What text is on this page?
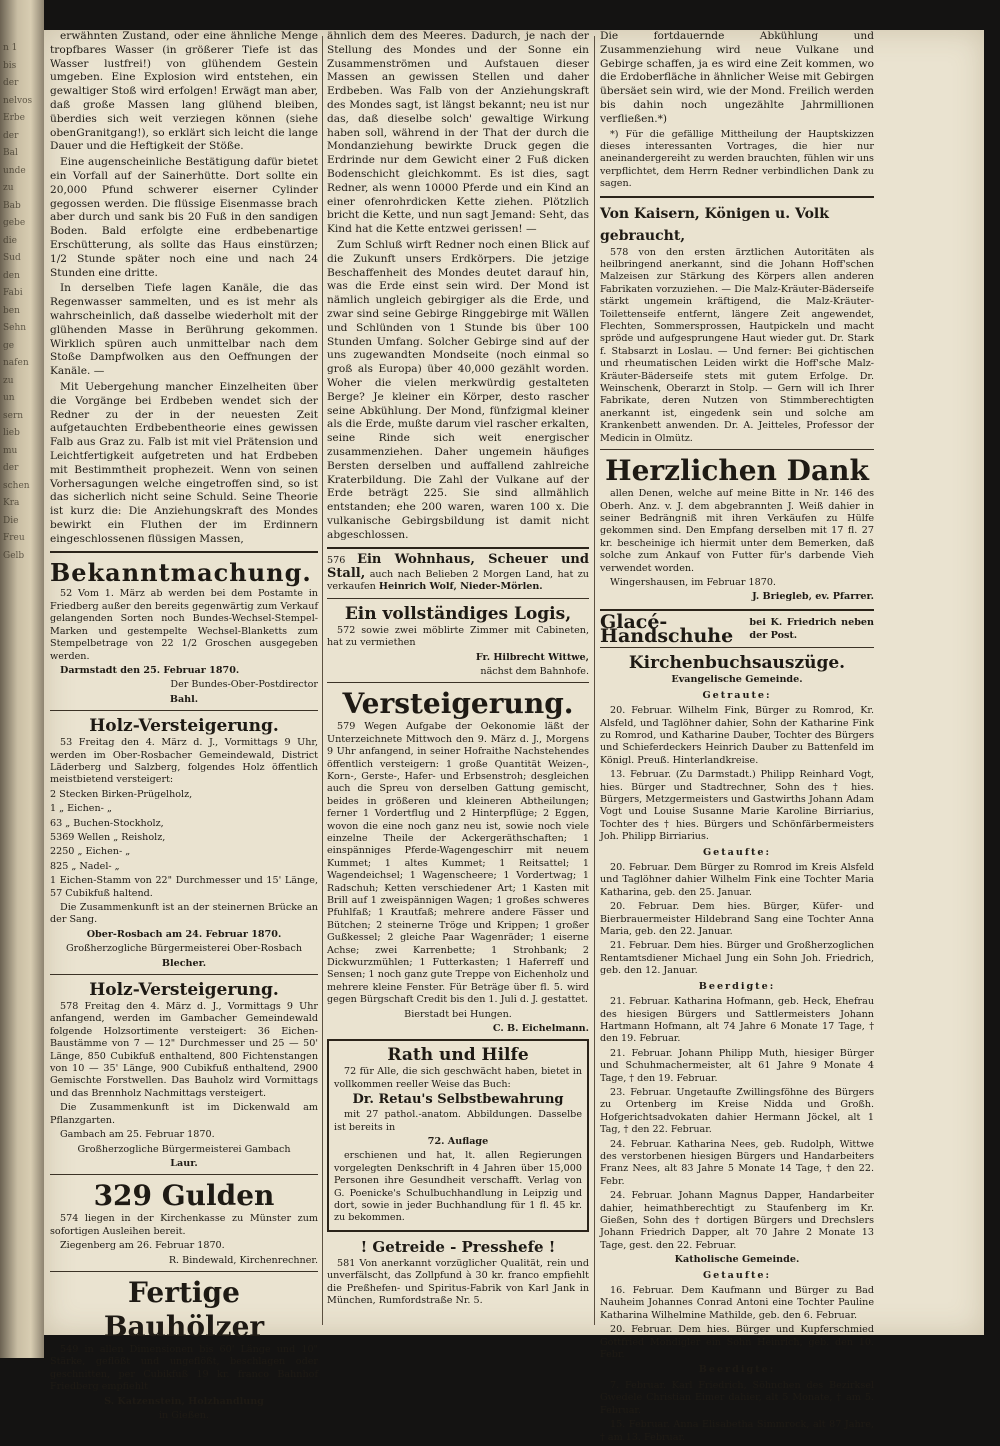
n 1
bis
der
nelvos
Erbe
der
Bal
unde
zu
Bab
gebe
die
Sud
den
Fabi
ben
Sehn
ge
nafen
zu
un
sern
lieb
mu
der
schen
Kra
Die
Freu
Gelb

erwähnten Zustand, oder eine ähnliche Menge tropfbares Wasser (in größerer Tiefe ist das Wasser lustfrei!) von glühendem Gestein umgeben. Eine Explosion wird entstehen, ein gewaltiger Stoß wird erfolgen! Erwägt man aber, daß große Massen lang glühend bleiben, überdies sich weit verziegen können (siehe obenGranitgang!), so erklärt sich leicht die lange Dauer und die Heftigkeit der Stöße.

Eine augenscheinliche Bestätigung dafür bietet ein Vorfall auf der Sainerhütte. Dort sollte ein 20,000 Pfund schwerer eiserner Cylinder gegossen werden. Die flüssige Eisenmasse brach aber durch und sank bis 20 Fuß in den sandigen Boden. Bald erfolgte eine erdbebenartige Erschütterung, als sollte das Haus einstürzen; 1/2 Stunde später noch eine und nach 24 Stunden eine dritte.

In derselben Tiefe lagen Kanäle, die das Regenwasser sammelten, und es ist mehr als wahrscheinlich, daß dasselbe wiederholt mit der glühenden Masse in Berührung gekommen. Wirklich spüren auch unmittelbar nach dem Stoße Dampfwolken aus den Oeffnungen der Kanäle. —

Mit Uebergehung mancher Einzelheiten über die Vorgänge bei Erdbeben wendet sich der Redner zu der in der neuesten Zeit aufgetauchten Erdbebentheorie eines gewissen Falb aus Graz zu. Falb ist mit viel Prätension und Leichtfertigkeit aufgetreten und hat Erdbeben mit Bestimmtheit prophezeit. Wenn von seinen Vorhersagungen welche eingetroffen sind, so ist das sicherlich nicht seine Schuld. Seine Theorie ist kurz die: Die Anziehungskraft des Mondes bewirkt ein Fluthen der im Erdinnern eingeschlossenen flüssigen Massen,

Bekanntmachung.

52 Vom 1. März ab werden bei dem Postamte in Friedberg außer den bereits gegenwärtig zum Verkauf gelangenden Sorten noch Bundes-Wechsel-Stempel-Marken und gestempelte Wechsel-Blanketts zum Stempelbetrage von 22 1/2 Groschen ausgegeben werden.

Darmstadt den 25. Februar 1870.

Der Bundes-Ober-Postdirector

Bahl.

Holz-Versteigerung.

53 Freitag den 4. März d. J., Vormittags 9 Uhr, werden im Ober-Rosbacher Gemeindewald, District Läderberg und Salzberg, folgendes Holz öffentlich meistbietend versteigert:

2 Stecken Birken-Prügelholz,

1 „ Eichen- „

63 „ Buchen-Stockholz,

5369 Wellen „ Reisholz,

2250 „ Eichen- „

825 „ Nadel- „

1 Eichen-Stamm von 22" Durchmesser und 15' Länge, 57 Cubikfuß haltend.

Die Zusammenkunft ist an der steinernen Brücke an der Sang.

Ober-Rosbach am 24. Februar 1870.

Großherzogliche Bürgermeisterei Ober-Rosbach

Blecher.

Holz-Versteigerung.

578 Freitag den 4. März d. J., Vormittags 9 Uhr anfangend, werden im Gambacher Gemeindewald folgende Holzsortimente versteigert: 36 Eichen-Baustämme von 7 — 12" Durchmesser und 25 — 50' Länge, 850 Cubikfuß enthaltend, 800 Fichtenstangen von 10 — 35' Länge, 900 Cubikfuß enthaltend, 2900 Gemischte Forstwellen. Das Bauholz wird Vormittags und das Brennholz Nachmittags versteigert.

Die Zusammenkunft ist im Dickenwald am Pflanzgarten.

Gambach am 25. Februar 1870.

Großherzogliche Bürgermeisterei Gambach

Laur.

329 Gulden

574 liegen in der Kirchenkasse zu Münster zum sofortigen Ausleihen bereit.

Ziegenberg am 26. Februar 1870.

R. Bindewald, Kirchenrechner.

Fertige Bauhölzer

549 in allen Dimensionen bis 60' Länge und 10" Stärke, geflößt und ungeflößt, beschlagen oder geschnitten, per Cubikfuß 19 kr. franco Bahnhof Friedberg empfiehlt

S. Katzenstein, Holzhandlung

in Gießen.

ähnlich dem des Meeres. Dadurch, je nach der Stellung des Mondes und der Sonne ein Zusammenströmen und Aufstauen dieser Massen an gewissen Stellen und daher Erdbeben. Was Falb von der Anziehungskraft des Mondes sagt, ist längst bekannt; neu ist nur das, daß dieselbe solch' gewaltige Wirkung haben soll, während in der That der durch die Mondanziehung bewirkte Druck gegen die Erdrinde nur dem Gewicht einer 2 Fuß dicken Bodenschicht gleichkommt. Es ist dies, sagt Redner, als wenn 10000 Pferde und ein Kind an einer ofenrohrdicken Kette ziehen. Plötzlich bricht die Kette, und nun sagt Jemand: Seht, das Kind hat die Kette entzwei gerissen! —

Zum Schluß wirft Redner noch einen Blick auf die Zukunft unsers Erdkörpers. Die jetzige Beschaffenheit des Mondes deutet darauf hin, was die Erde einst sein wird. Der Mond ist nämlich ungleich gebirgiger als die Erde, und zwar sind seine Gebirge Ringgebirge mit Wällen und Schlünden von 1 Stunde bis über 100 Stunden Umfang. Solcher Gebirge sind auf der uns zugewandten Mondseite (noch einmal so groß als Europa) über 40,000 gezählt worden. Woher die vielen merkwürdig gestalteten Berge? Je kleiner ein Körper, desto rascher seine Abkühlung. Der Mond, fünfzigmal kleiner als die Erde, mußte darum viel rascher erkalten, seine Rinde sich weit energischer zusammenziehen. Daher ungemein häufiges Bersten derselben und auffallend zahlreiche Kraterbildung. Die Zahl der Vulkane auf der Erde beträgt 225. Sie sind allmählich entstanden; ehe 200 waren, waren 100 x. Die vulkanische Gebirgsbildung ist damit nicht abgeschlossen.

576 Ein Wohnhaus, Scheuer und Stall, auch nach Belieben 2 Morgen Land, hat zu verkaufen Heinrich Wolf, Nieder-Mörlen.

Ein vollständiges Logis,

572 sowie zwei möblirte Zimmer mit Cabineten, hat zu vermiethen

Fr. Hilbrecht Wittwe,

nächst dem Bahnhofe.

Versteigerung.

579 Wegen Aufgabe der Oekonomie läßt der Unterzeichnete Mittwoch den 9. März d. J., Morgens 9 Uhr anfangend, in seiner Hofraithe Nachstehendes öffentlich versteigern: 1 große Quantität Weizen-, Korn-, Gerste-, Hafer- und Erbsenstroh; desgleichen auch die Spreu von derselben Gattung gemischt, beides in größeren und kleineren Abtheilungen; ferner 1 Vordertflug und 2 Hinterpflüge; 2 Eggen, wovon die eine noch ganz neu ist, sowie noch viele einzelne Theile der Ackergeräthschaften; 1 einspänniges Pferde-Wagengeschirr mit neuem Kummet; 1 altes Kummet; 1 Reitsattel; 1 Wagendeichsel; 1 Wagenscheere; 1 Vordertwag; 1 Radschuh; Ketten verschiedener Art; 1 Kasten mit Brill auf 1 zweispännigen Wagen; 1 großes schweres Pfuhlfaß; 1 Krautfaß; mehrere andere Fässer und Bütchen; 2 steinerne Tröge und Krippen; 1 großer Gußkessel; 2 gleiche Paar Wagenräder; 1 eiserne Achse; zwei Karrenbette; 1 Strohbank; 2 Dickwurzmühlen; 1 Futterkasten; 1 Haferreff und Sensen; 1 noch ganz gute Treppe von Eichenholz und mehrere kleine Fenster. Für Beträge über fl. 5. wird gegen Bürgschaft Credit bis den 1. Juli d. J. gestattet.

Bierstadt bei Hungen.

C. B. Eichelmann.

Rath und Hilfe

72 für Alle, die sich geschwächt haben, bietet in vollkommen reeller Weise das Buch:

Dr. Retau's Selbstbewahrung

mit 27 pathol.-anatom. Abbildungen. Dasselbe ist bereits in

72. Auflage

erschienen und hat, lt. allen Regierungen vorgelegten Denkschrift in 4 Jahren über 15,000 Personen ihre Gesundheit verschafft. Verlag von G. Poenicke's Schulbuchhandlung in Leipzig und dort, sowie in jeder Buchhandlung für 1 fl. 45 kr. zu bekommen.

! Getreide - Presshefe !

581 Von anerkannt vorzüglicher Qualität, rein und unverfälscht, das Zollpfund à 30 kr. franco empfiehlt die Preßhefen- und Spiritus-Fabrik von Karl Jank in München, Rumfordstraße Nr. 5.

Die fortdauernde Abkühlung und Zusammenziehung wird neue Vulkane und Gebirge schaffen, ja es wird eine Zeit kommen, wo die Erdoberfläche in ähnlicher Weise mit Gebirgen übersäet sein wird, wie der Mond. Freilich werden bis dahin noch ungezählte Jahrmillionen verfließen.*)

*) Für die gefällige Mittheilung der Hauptskizzen dieses interessanten Vortrages, die hier nur aneinandergereiht zu werden brauchten, fühlen wir uns verpflichtet, dem Herrn Redner verbindlichen Dank zu sagen.

Von Kaisern, Königen u. Volk gebraucht,

578 von den ersten ärztlichen Autoritäten als heilbringend anerkannt, sind die Johann Hoff'schen Malzeisen zur Stärkung des Körpers allen anderen Fabrikaten vorzuziehen. — Die Malz-Kräuter-Bäderseife stärkt ungemein kräftigend, die Malz-Kräuter-Toilettenseife entfernt, längere Zeit angewendet, Flechten, Sommersprossen, Hautpickeln und macht spröde und aufgesprungene Haut wieder gut. Dr. Stark f. Stabsarzt in Loslau. — Und ferner: Bei gichtischen und rheumatischen Leiden wirkt die Hoff'sche Malz-Kräuter-Bäderseife stets mit gutem Erfolge. Dr. Weinschenk, Oberarzt in Stolp. — Gern will ich Ihrer Fabrikate, deren Nutzen von Stimmberechtigten anerkannt ist, eingedenk sein und solche am Krankenbett anwenden. Dr. A. Jeitteles, Professor der Medicin in Olmütz.

Herzlichen Dank

allen Denen, welche auf meine Bitte in Nr. 146 des Oberh. Anz. v. J. dem abgebrannten J. Weiß dahier in seiner Bedrängniß mit ihren Verkäufen zu Hülfe gekommen sind. Den Empfang derselben mit 17 fl. 27 kr. bescheinige ich hiermit unter dem Bemerken, daß solche zum Ankauf von Futter für's darbende Vieh verwendet worden.

Wingershausen, im Februar 1870.

J. Briegleb, ev. Pfarrer.

Glacé-Handschuhe
bei K. Friedrich neben der Post.
Kirchenbuchsauszüge.

Evangelische Gemeinde.

Getraute:

20. Februar. Wilhelm Fink, Bürger zu Romrod, Kr. Alsfeld, und Taglöhner dahier, Sohn der Katharine Fink zu Romrod, und Katharine Dauber, Tochter des Bürgers und Schieferdeckers Heinrich Dauber zu Battenfeld im Königl. Preuß. Hinterlandkreise.

13. Februar. (Zu Darmstadt.) Philipp Reinhard Vogt, hies. Bürger und Stadtrechner, Sohn des † hies. Bürgers, Metzgermeisters und Gastwirths Johann Adam Vogt und Louise Susanne Marie Karoline Birriarius, Tochter des † hies. Bürgers und Schönfärbermeisters Joh. Philipp Birriarius.

Getaufte:

20. Februar. Dem Bürger zu Romrod im Kreis Alsfeld und Taglöhner dahier Wilhelm Fink eine Tochter Maria Katharina, geb. den 25. Januar.

20. Februar. Dem hies. Bürger, Küfer- und Bierbrauermeister Hildebrand Sang eine Tochter Anna Maria, geb. den 22. Januar.

21. Februar. Dem hies. Bürger und Großherzoglichen Rentamtsdiener Michael Jung ein Sohn Joh. Friedrich, geb. den 12. Januar.

Beerdigte:

21. Februar. Katharina Hofmann, geb. Heck, Ehefrau des hiesigen Bürgers und Sattlermeisters Johann Hartmann Hofmann, alt 74 Jahre 6 Monate 17 Tage, † den 19. Februar.

21. Februar. Johann Philipp Muth, hiesiger Bürger und Schuhmachermeister, alt 61 Jahre 9 Monate 4 Tage, † den 19. Februar.

23. Februar. Ungetaufte Zwillingsföhne des Bürgers zu Ortenberg im Kreise Nidda und Großh. Hofgerichtsadvokaten dahier Hermann Jöckel, alt 1 Tag, † den 22. Februar.

24. Februar. Katharina Nees, geb. Rudolph, Wittwe des verstorbenen hiesigen Bürgers und Handarbeiters Franz Nees, alt 83 Jahre 5 Monate 14 Tage, † den 22. Febr.

24. Februar. Johann Magnus Dapper, Handarbeiter dahier, heimathberechtigt zu Staufenberg im Kr. Gießen, Sohn des † dortigen Bürgers und Drechslers Johann Friedrich Dapper, alt 70 Jahre 2 Monate 13 Tage, gest. den 22. Februar.

Katholische Gemeinde.

Getaufte:

16. Februar. Dem Kaufmann und Bürger zu Bad Nauheim Johannes Conrad Antoni eine Tochter Pauline Katharina Wilhelmine Mathilde, geb. den 6. Februar.

20. Februar. Dem hies. Bürger und Kupferschmied Gottfried Mondigler ein Sohn Heinrich, geb. den 10. Febr.

Beerdigte:

7. Februar. Karl Friedrich, Söhnchen des Bezirksel Gwedele Christian Eimer dahier, alt 5 Monate, † am 5. Februar.

15. Februar. Anna Elisabetha Simmrock, alt 87 Jahre, † am 13. Februar.
